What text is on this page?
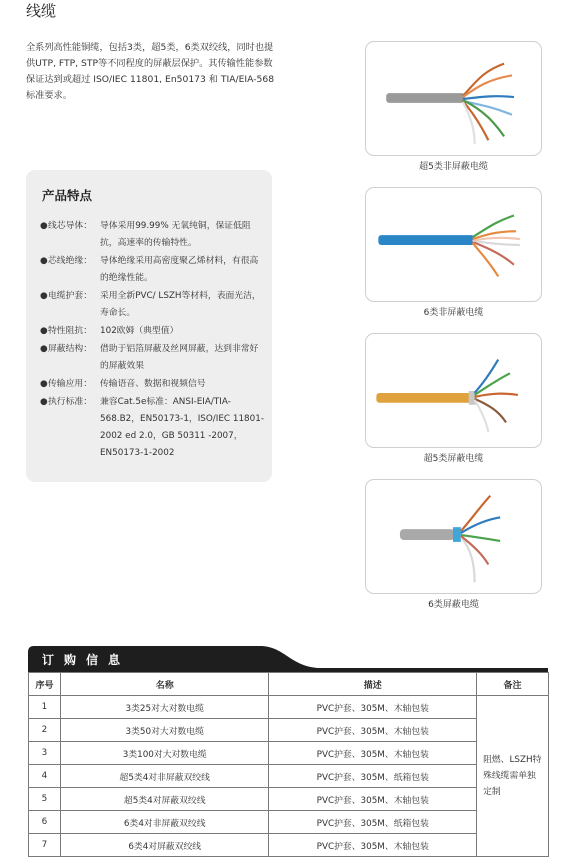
线缆
全系列高性能铜缆，包括3类，超5类，6类双绞线，同时也提供UTP, FTP, STP等不同程度的屏蔽层保护。其传输性能参数保证达到或超过 ISO/IEC 11801, En50173 和 TIA/EIA-568标准要求。
产品特点
● 线芯导体： 导体采用99.99% 无氧纯铜，保证低阻抗，高速率的传输特性。
● 芯线绝缘： 导体绝缘采用高密度聚乙烯材料，有很高的绝缘性能。
● 电缆护套： 采用全新PVC/ LSZH等材料，表面光洁，寿命长。
● 特性阻抗： 102欧姆（典型值）
● 屏蔽结构： 借助于铝箔屏蔽及丝网屏蔽，达到非常好的屏蔽效果
● 传输应用： 传输语音、数据和视频信号
● 执行标准： 兼容Cat.5e标准：ANSI-EIA/TIA-568.B2，EN50173-1，ISO/IEC 11801-2002 ed 2.0，GB 50311 -2007，EN50173-1-2002
超5类非屏蔽电缆
6类非屏蔽电缆
超5类屏蔽电缆
6类屏蔽电缆
订购信息
序号	名称	描述	备注
1	3类25对大对数电缆	PVC护套、305M、木轴包装	阻燃、LSZH特殊线缆需单独定制
2	3类50对大对数电缆	PVC护套、305M、木轴包装	
3	3类100对大对数电缆	PVC护套、305M、木轴包装	
4	超5类4对非屏蔽双绞线	PVC护套、305M、纸箱包装	
5	超5类4对屏蔽双绞线	PVC护套、305M、木轴包装	
6	6类4对非屏蔽双绞线	PVC护套、305M、纸箱包装	
7	6类4对屏蔽双绞线	PVC护套、305M、木轴包装	
